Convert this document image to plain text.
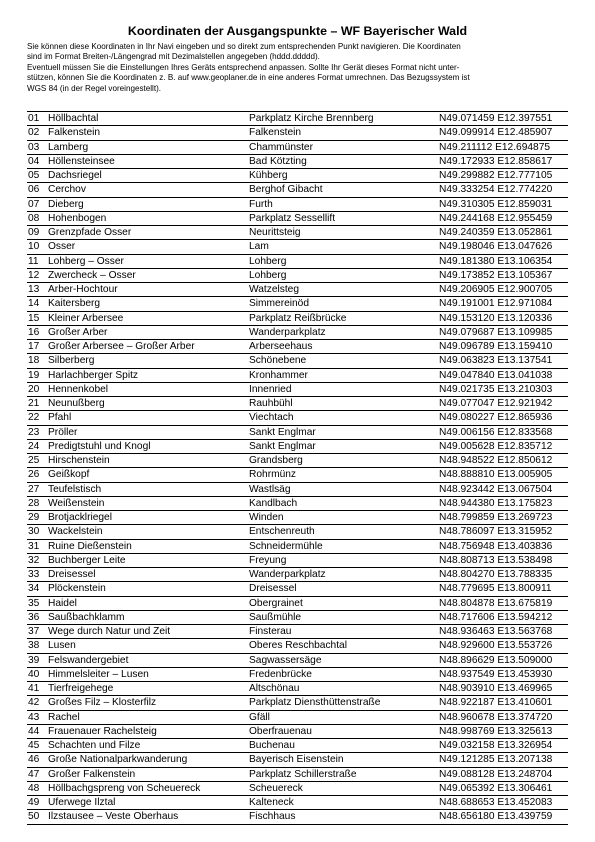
Koordinaten der Ausgangspunkte – WF Bayerischer Wald

Sie können diese Koordinaten in Ihr Navi eingeben und so direkt zum entsprechenden Punkt navigieren. Die Koordinaten

sind im Format Breiten-/Längengrad mit Dezimalstellen angegeben (hddd.ddddd).

Eventuell müssen Sie die Einstellungen Ihres Geräts entsprechend anpassen. Sollte Ihr Gerät dieses Format nicht unter-

stützen, können Sie die Koordinaten z. B. auf www.geoplaner.de in eine anderes Format umrechnen. Das Bezugssystem ist

WGS 84 (in der Regel voreingestellt).

01 Höllbachtal	Parkplatz Kirche Brennberg	N49.071459 E12.397551
02 Falkenstein	Falkenstein	N49.099914 E12.485907
03 Lamberg	Chammünster	N49.211112 E12.694875
04 Höllensteinsee	Bad Kötzting	N49.172933 E12.858617
05 Dachsriegel	Kühberg	N49.299882 E12.777105
06 Cerchov	Berghof Gibacht	N49.333254 E12.774220
07 Dieberg	Furth	N49.310305 E12.859031
08 Hohenbogen	Parkplatz Sessellift	N49.244168 E12.955459
09 Grenzpfade Osser	Neurittsteig	N49.240359 E13.052861
10 Osser	Lam	N49.198046 E13.047626
11 Lohberg – Osser	Lohberg	N49.181380 E13.106354
12 Zwercheck – Osser	Lohberg	N49.173852 E13.105367
13 Arber-Hochtour	Watzelsteg	N49.206905 E12.900705
14 Kaitersberg	Simmereinöd	N49.191001 E12.971084
15 Kleiner Arbersee	Parkplatz Reißbrücke	N49.153120 E13.120336
16 Großer Arber	Wanderparkplatz	N49.079687 E13.109985
17 Großer Arbersee – Großer Arber	Arberseehaus	N49.096789 E13.159410
18 Silberberg	Schönebene	N49.063823 E13.137541
19 Harlachberger Spitz	Kronhammer	N49.047840 E13.041038
20 Hennenkobel	Innenried	N49.021735 E13.210303
21 Neunußberg	Rauhbühl	N49.077047 E12.921942
22 Pfahl	Viechtach	N49.080227 E12.865936
23 Pröller	Sankt Englmar	N49.006156 E12.833568
24 Predigtstuhl und Knogl	Sankt Englmar	N49.005628 E12.835712
25 Hirschenstein	Grandsberg	N48.948522 E12.850612
26 Geißkopf	Rohrmünz	N48.888810 E13.005905
27 Teufelstisch	Wastlsäg	N48.923442 E13.067504
28 Weißenstein	Kandlbach	N48.944380 E13.175823
29 Brotjacklriegel	Winden	N48.799859 E13.269723
30 Wackelstein	Entschenreuth	N48.786097 E13.315952
31 Ruine Dießenstein	Schneidermühle	N48.756948 E13.403836
32 Buchberger Leite	Freyung	N48.808713 E13.538498
33 Dreisessel	Wanderparkplatz	N48.804270 E13.788335
34 Plöckenstein	Dreisessel	N48.779695 E13.800911
35 Haidel	Obergrainet	N48.804878 E13.675819
36 Saußbachklamm	Saußmühle	N48.717606 E13.594212
37 Wege durch Natur und Zeit	Finsterau	N48.936463 E13.563768
38 Lusen	Oberes Reschbachtal	N48.929600 E13.553726
39 Felswandergebiet	Sagwassersäge	N48.896629 E13.509000
40 Himmelsleiter – Lusen	Fredenbrücke	N48.937549 E13.453930
41 Tierfreigehege	Altschönau	N48.903910 E13.469965
42 Großes Filz – Klosterfilz	Parkplatz Diensthüttenstraße	N48.922187 E13.410601
43 Rachel	Gfäll	N48.960678 E13.374720
44 Frauenauer Rachelsteig	Oberfrauenau	N48.998769 E13.325613
45 Schachten und Filze	Buchenau	N49.032158 E13.326954
46 Große Nationalparkwanderung	Bayerisch Eisenstein	N49.121285 E13.207138
47 Großer Falkenstein	Parkplatz Schillerstraße	N49.088128 E13.248704
48 Höllbachgspreng von Scheuereck	Scheuereck	N49.065392 E13.306461
49 Uferwege Ilztal	Kalteneck	N48.688653 E13.452083
50 Ilzstausee – Veste Oberhaus	Fischhaus	N48.656180 E13.439759
